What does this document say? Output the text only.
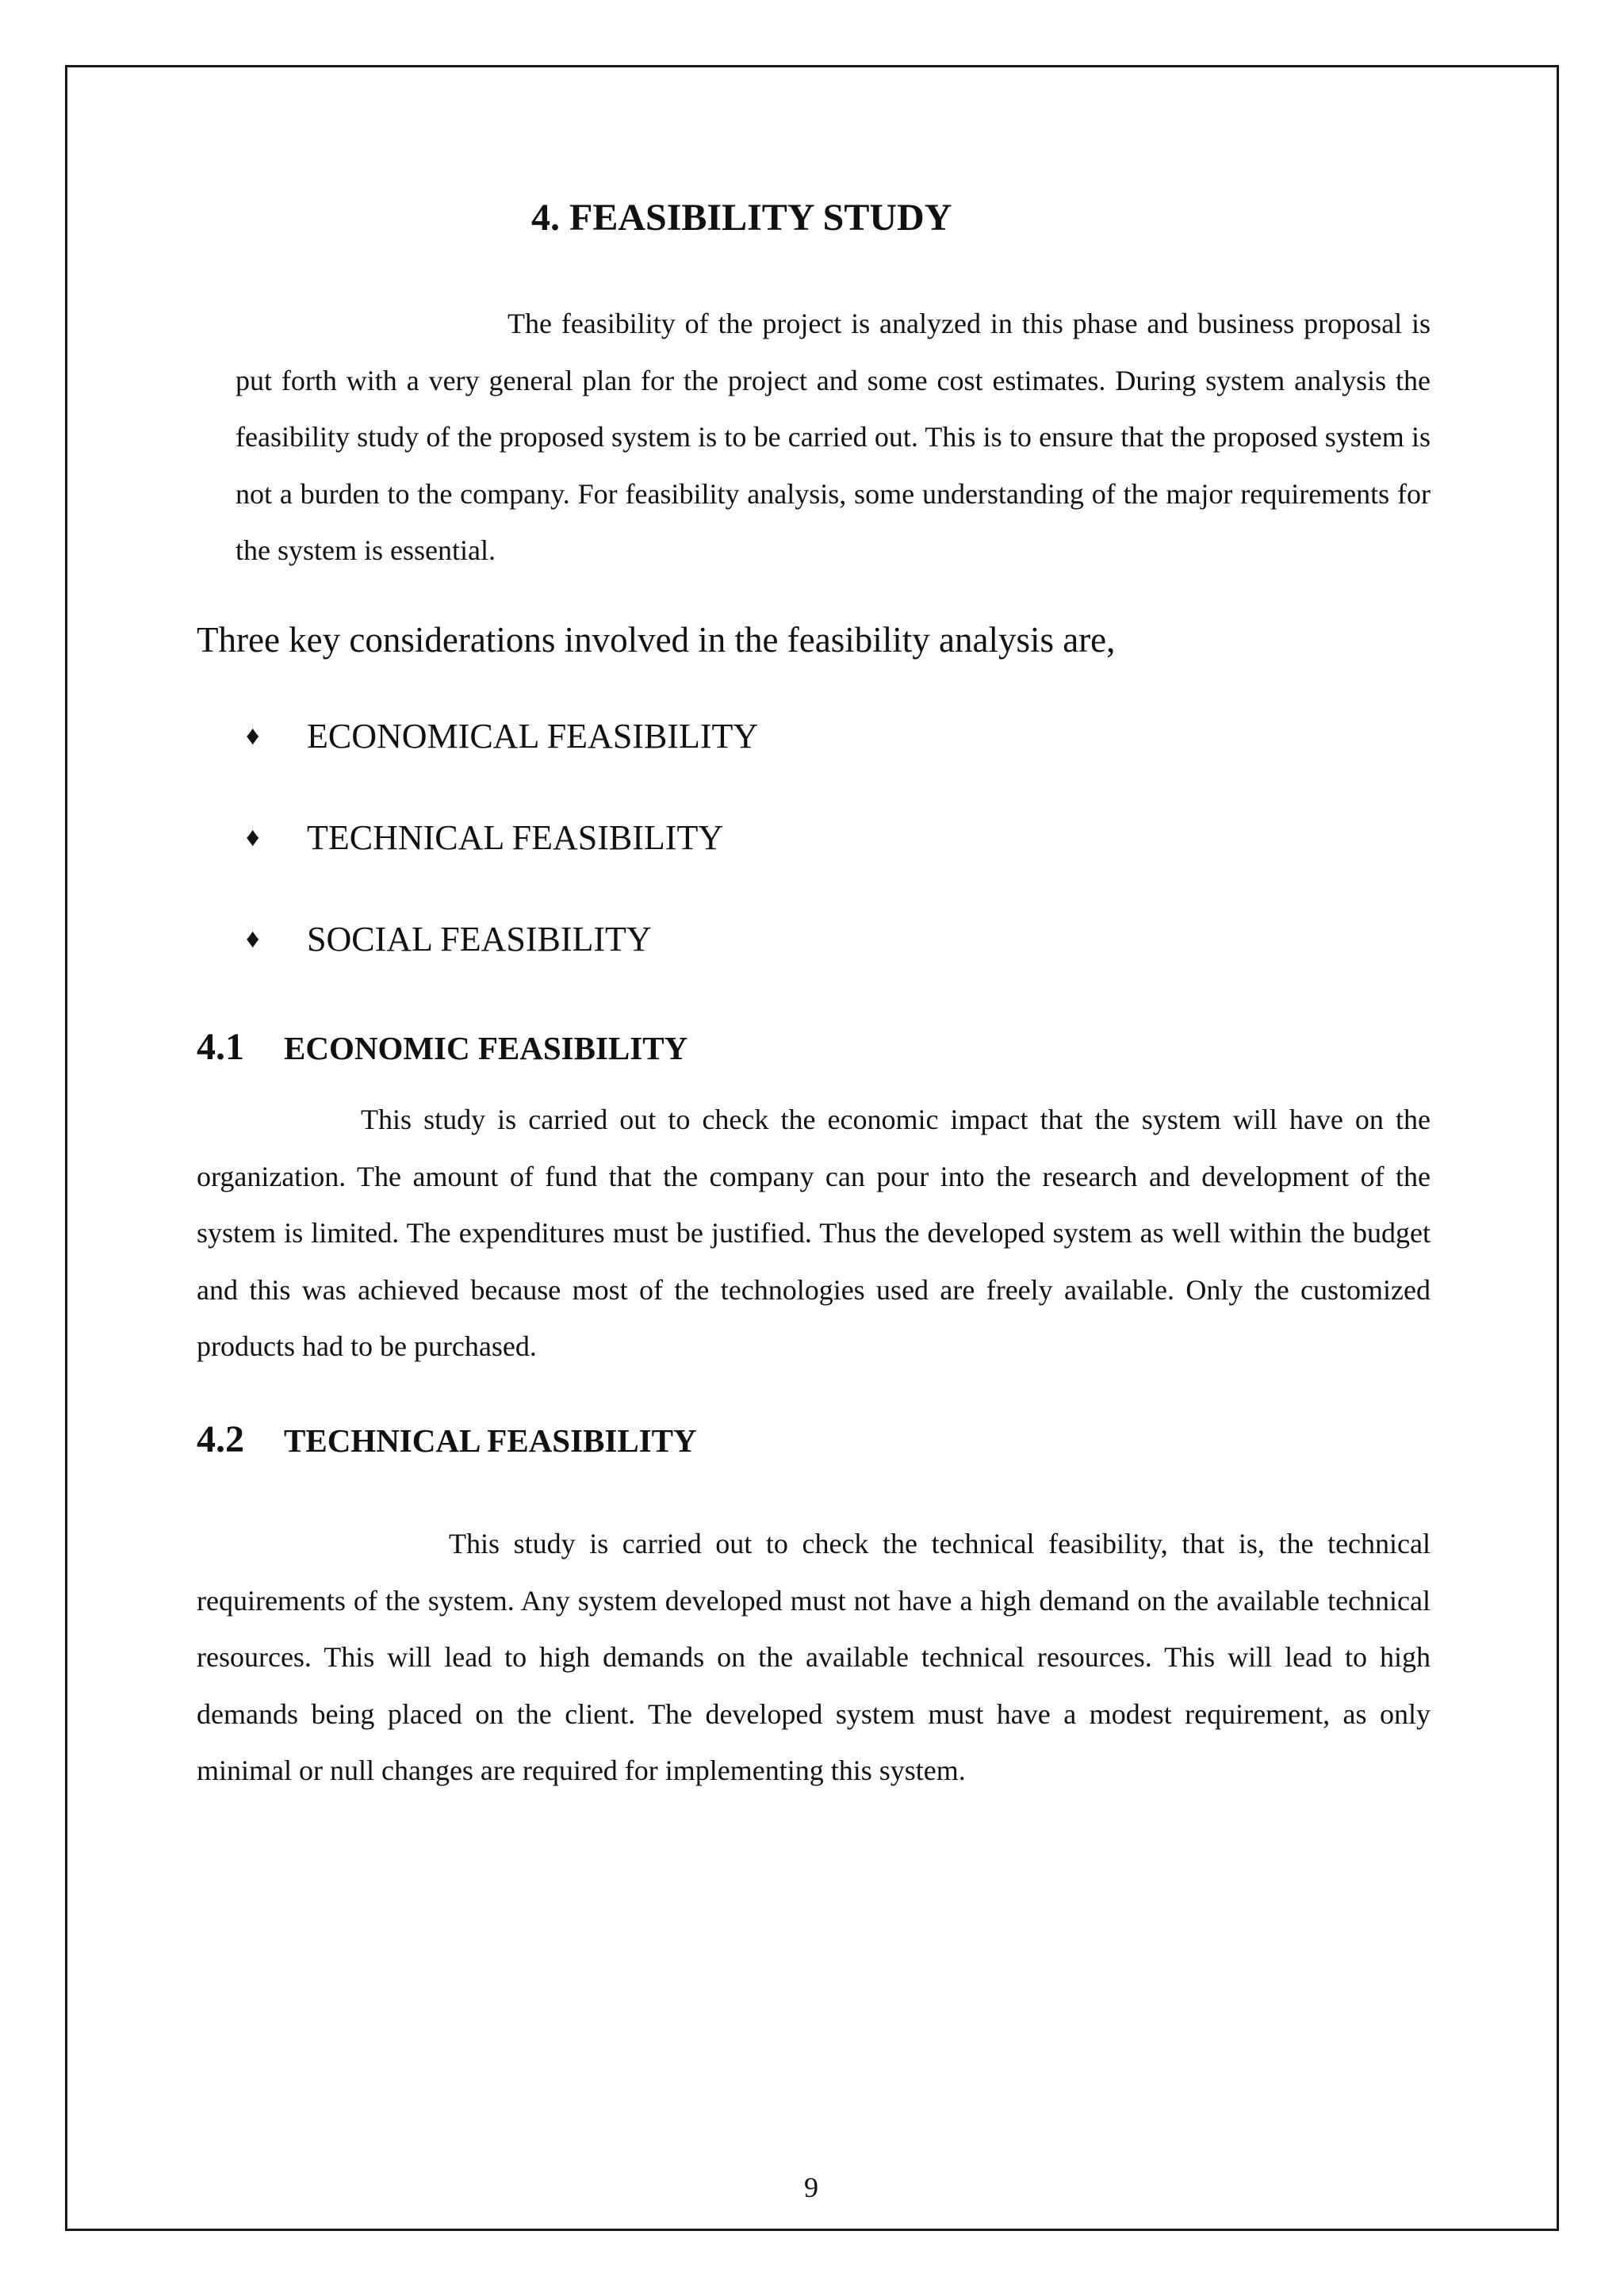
4. FEASIBILITY STUDY

The feasibility of the project is analyzed in this phase and business proposal is put forth with a very general plan for the project and some cost estimates. During system analysis the feasibility study of the proposed system is to be carried out. This is to ensure that the proposed system is not a burden to the company. For feasibility analysis, some understanding of the major requirements for the system is essential.

Three key considerations involved in the feasibility analysis are,

♦	ECONOMICAL FEASIBILITY
♦	TECHNICAL FEASIBILITY
♦	SOCIAL FEASIBILITY
4.1 ECONOMIC FEASIBILITY

This study is carried out to check the economic impact that the system will have on the organization. The amount of fund that the company can pour into the research and development of the system is limited. The expenditures must be justified. Thus the developed system as well within the budget and this was achieved because most of the technologies used are freely available. Only the customized products had to be purchased.

4.2 TECHNICAL FEASIBILITY

This study is carried out to check the technical feasibility, that is, the technical requirements of the system. Any system developed must not have a high demand on the available technical resources. This will lead to high demands on the available technical resources. This will lead to high demands being placed on the client. The developed system must have a modest requirement, as only minimal or null changes are required for implementing this system.

9
